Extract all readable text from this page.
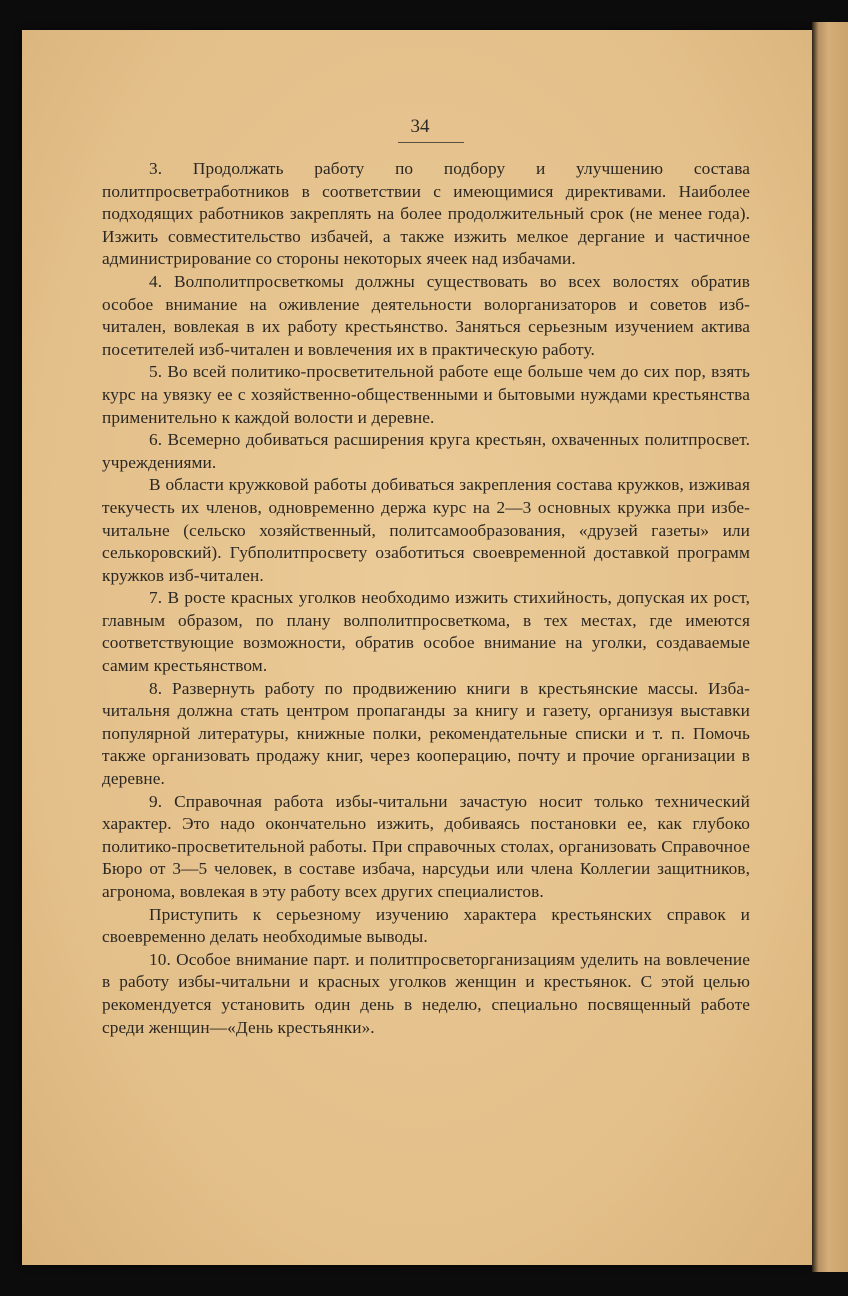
34

3. Продолжать работу по подбору и улучшению состава политпросветработников в соответствии с имеющимися директивами. Наиболее подходящих работников закреплять на более продолжительный срок (не менее года). Изжить совместительство избачей, а также изжить мелкое дергание и частичное администрирование со стороны некоторых ячеек над избачами.

4. Волполитпросветкомы должны существовать во всех волостях обратив особое внимание на оживление деятельности волорганизаторов и советов изб-читален, вовлекая в их работу крестьянство. Заняться серьезным изучением актива посетителей изб-читален и вовлечения их в практическую работу.

5. Во всей политико-просветительной работе еще больше чем до сих пор, взять курс на увязку ее с хозяйственно-общественными и бытовыми нуждами крестьянства применительно к каждой волости и деревне.

6. Всемерно добиваться расширения круга крестьян, охваченных политпросвет. учреждениями.

В области кружковой работы добиваться закрепления состава кружков, изживая текучесть их членов, одновременно держа курс на 2—3 основных кружка при избе-читальне (сельско хозяйственный, политсамообразования, «друзей газеты» или селькоровский). Губполитпросвету озаботиться своевременной доставкой программ кружков изб-читален.

7. В росте красных уголков необходимо изжить стихийность, допуская их рост, главным образом, по плану волполитпросветкома, в тех местах, где имеются соответствующие возможности, обратив особое внимание на уголки, создаваемые самим крестьянством.

8. Развернуть работу по продвижению книги в крестьянские массы. Изба-читальня должна стать центром пропаганды за книгу и газету, организуя выставки популярной литературы, книжные полки, рекомендательные списки и т. п. Помочь также организовать продажу книг, через кооперацию, почту и прочие организации в деревне.

9. Справочная работа избы-читальни зачастую носит только технический характер. Это надо окончательно изжить, добиваясь постановки ее, как глубоко политико-просветительной работы. При справочных столах, организовать Справочное Бюро от 3—5 человек, в составе избача, нарсудьи или члена Коллегии защитников, агронома, вовлекая в эту работу всех других специалистов.

Приступить к серьезному изучению характера крестьянских справок и своевременно делать необходимые выводы.

10. Особое внимание парт. и политпросветорганизациям уделить на вовлечение в работу избы-читальни и красных уголков женщин и крестьянок. С этой целью рекомендуется установить один день в неделю, специально посвященный работе среди женщин—«День крестьянки».
